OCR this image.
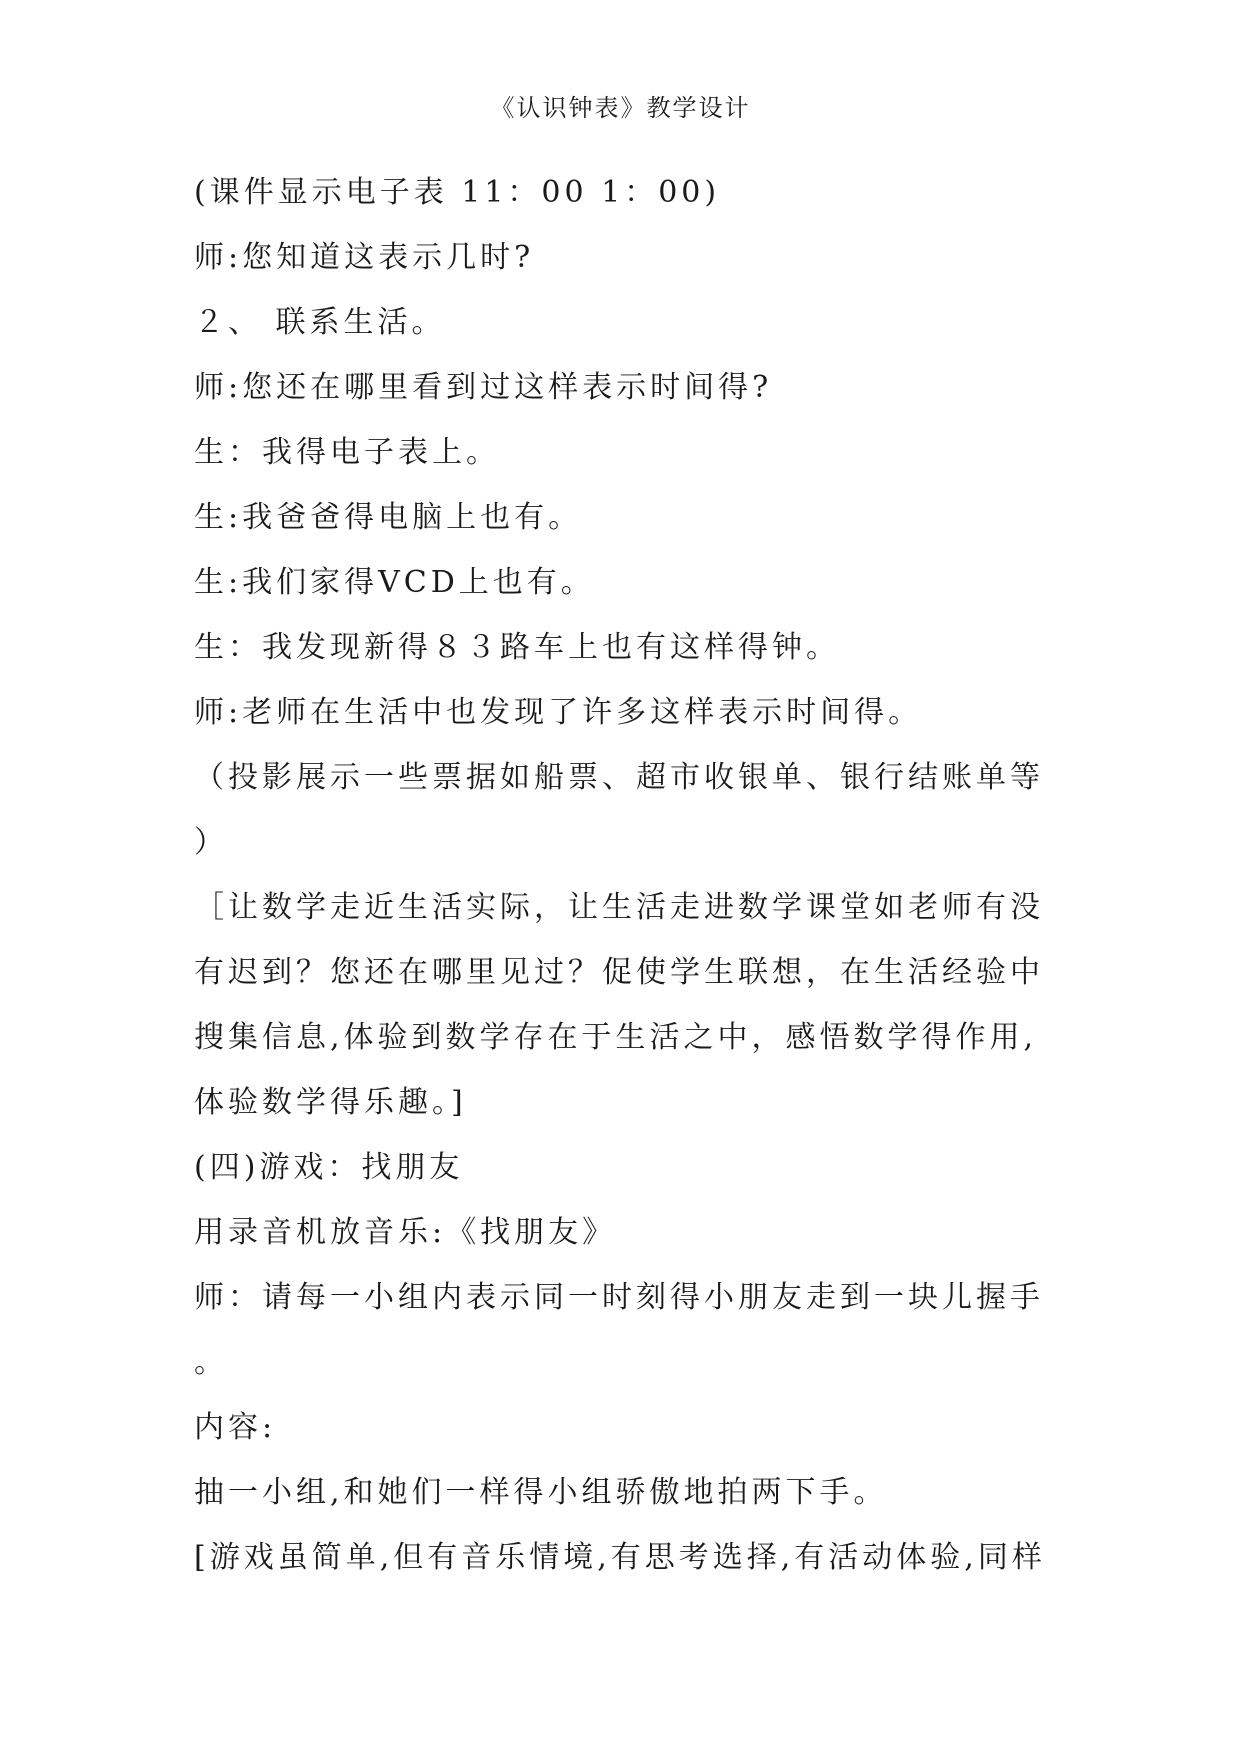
《认识钟表》教学设计
(课件显示电子表 11：00 1：00)
师:您知道这表示几时?
２、 联系生活。
师:您还在哪里看到过这样表示时间得?
生：我得电子表上。
生:我爸爸得电脑上也有。
生:我们家得VCD上也有。
生：我发现新得８３路车上也有这样得钟。
师:老师在生活中也发现了许多这样表示时间得。
（投影展示一些票据如船票、超市收银单、银行结账单等
）
［让数学走近生活实际，让生活走进数学课堂如老师有没
有迟到？您还在哪里见过？促使学生联想，在生活经验中
搜集信息,体验到数学存在于生活之中，感悟数学得作用,
体验数学得乐趣。]
(四)游戏：找朋友
用录音机放音乐:《找朋友》
师：请每一小组内表示同一时刻得小朋友走到一块儿握手
。
内容:
抽一小组,和她们一样得小组骄傲地拍两下手。
[游戏虽简单,但有音乐情境,有思考选择,有活动体验,同样
